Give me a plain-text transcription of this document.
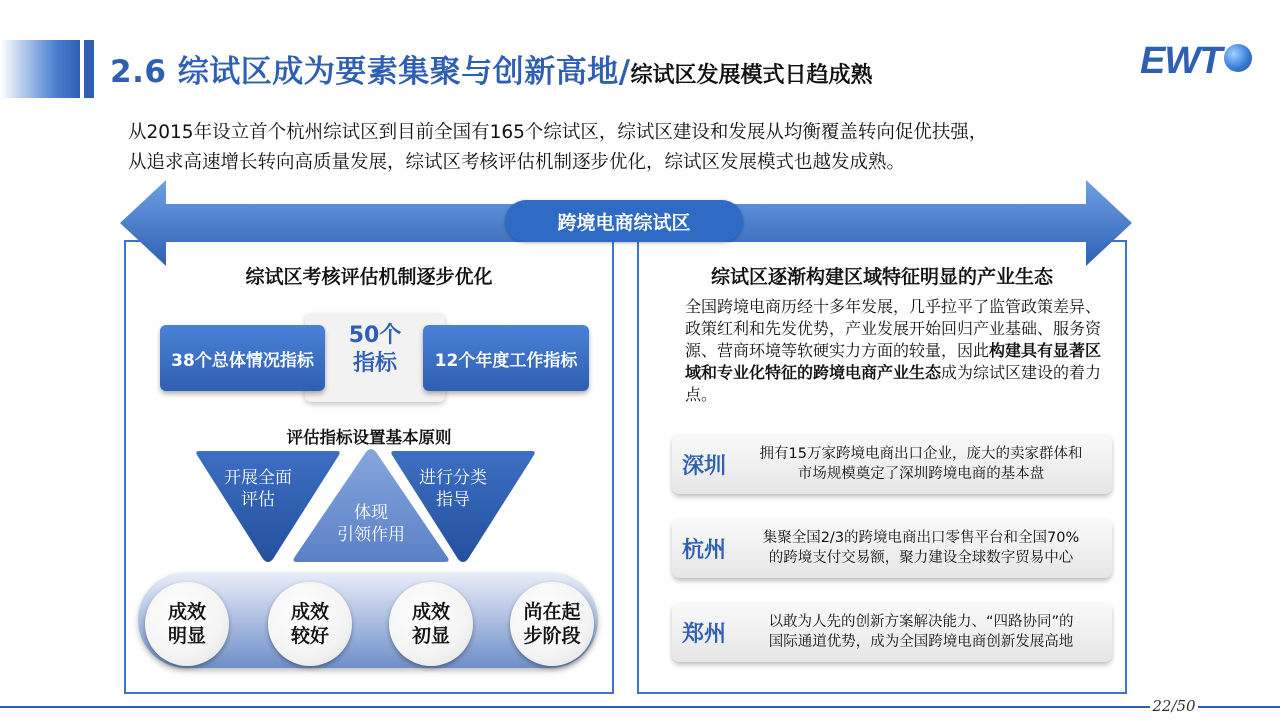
2.6 综试区成为要素集聚与创新高地/ 综试区发展模式日趋成熟	EWT
从2015年设立首个杭州综试区到目前全国有165个综试区，综试区建设和发展从均衡覆盖转向促优扶强，
从追求高速增长转向高质量发展，综试区考核评估机制逐步优化，综试区发展模式也越发成熟。
跨境电商综试区
综试区考核评估机制逐步优化
50个
指标
38个总体情况指标	12个年度工作指标
评估指标设置基本原则
开展全面
评估
体现
引领作用
进行分类
指导
成效
明显
成效
较好
成效
初显
尚在起
步阶段
综试区逐渐构建区域特征明显的产业生态
全国跨境电商历经十多年发展，几乎拉平了监管政策差异、政策红利和先发优势，产业发展开始回归产业基础、服务资源、营商环境等软硬实力方面的较量，因此构建具有显著区域和专业化特征的跨境电商产业生态成为综试区建设的着力点。
深圳	拥有15万家跨境电商出口企业，庞大的卖家群体和
市场规模奠定了深圳跨境电商的基本盘
杭州	集聚全国2/3的跨境电商出口零售平台和全国70%
的跨境支付交易额，聚力建设全球数字贸易中心
郑州	以敢为人先的创新方案解决能力、“四路协同”的
国际通道优势，成为全国跨境电商创新发展高地
22/50
